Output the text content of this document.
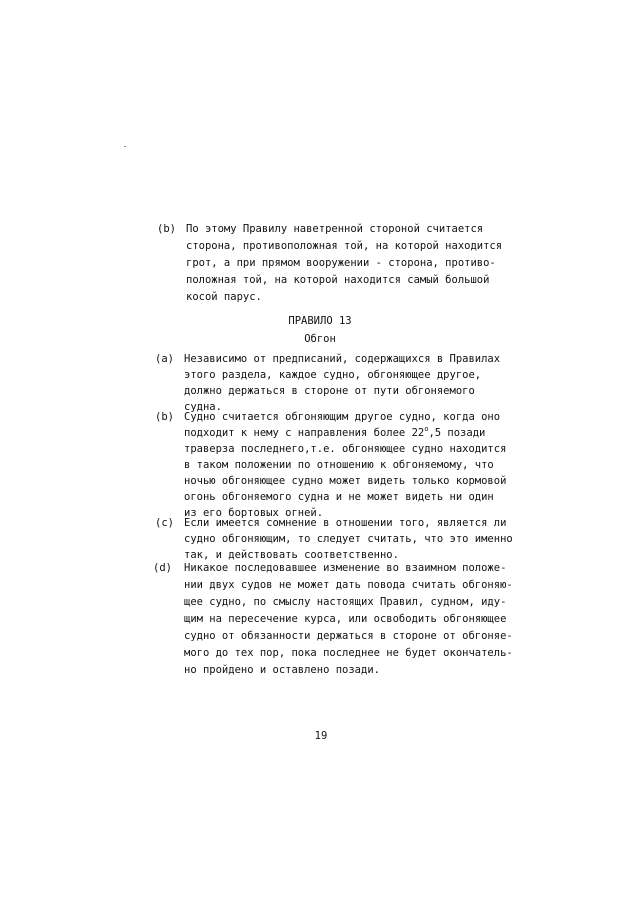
(b) По этому Правилу наветренной стороной считается
сторона, противоположная той, на которой находится
грот, а при прямом вооружении - сторона, противо-
положная той, на которой находится самый большой
косой парус.
ПРАВИЛО 13
Обгон
(a) Независимо от предписаний, содержащихся в Правилах
этого раздела, каждое судно, обгоняющее другое,
должно держаться в стороне от пути обгоняемого
судна.
(b) Судно считается обгоняющим другое судно, когда оно
подходит к нему с направления более $22^о,5$ позади
траверза последнего,т.е. обгоняющее судно находится
в таком положении по отношению к обгоняемому, что
ночью обгоняющее судно может видеть только кормовой
огонь обгоняемого судна и не может видеть ни один
из его бортовых огней.
(c) Если имеется сомнение в отношении того, является ли
судно обгоняющим, то следует считать, что это именно
так, и действовать соответственно.
(d) Никакое последовавшее изменение во взаимном положе-
нии двух судов не может дать повода считать обгоняю-
щее судно, по смыслу настоящих Правил, судном, иду-
щим на пересечение курса, или освободить обгоняющее
судно от обязанности держаться в стороне от обгоняе-
мого до тех пор, пока последнее не будет окончатель-
но пройдено и оставлено позади.
19
